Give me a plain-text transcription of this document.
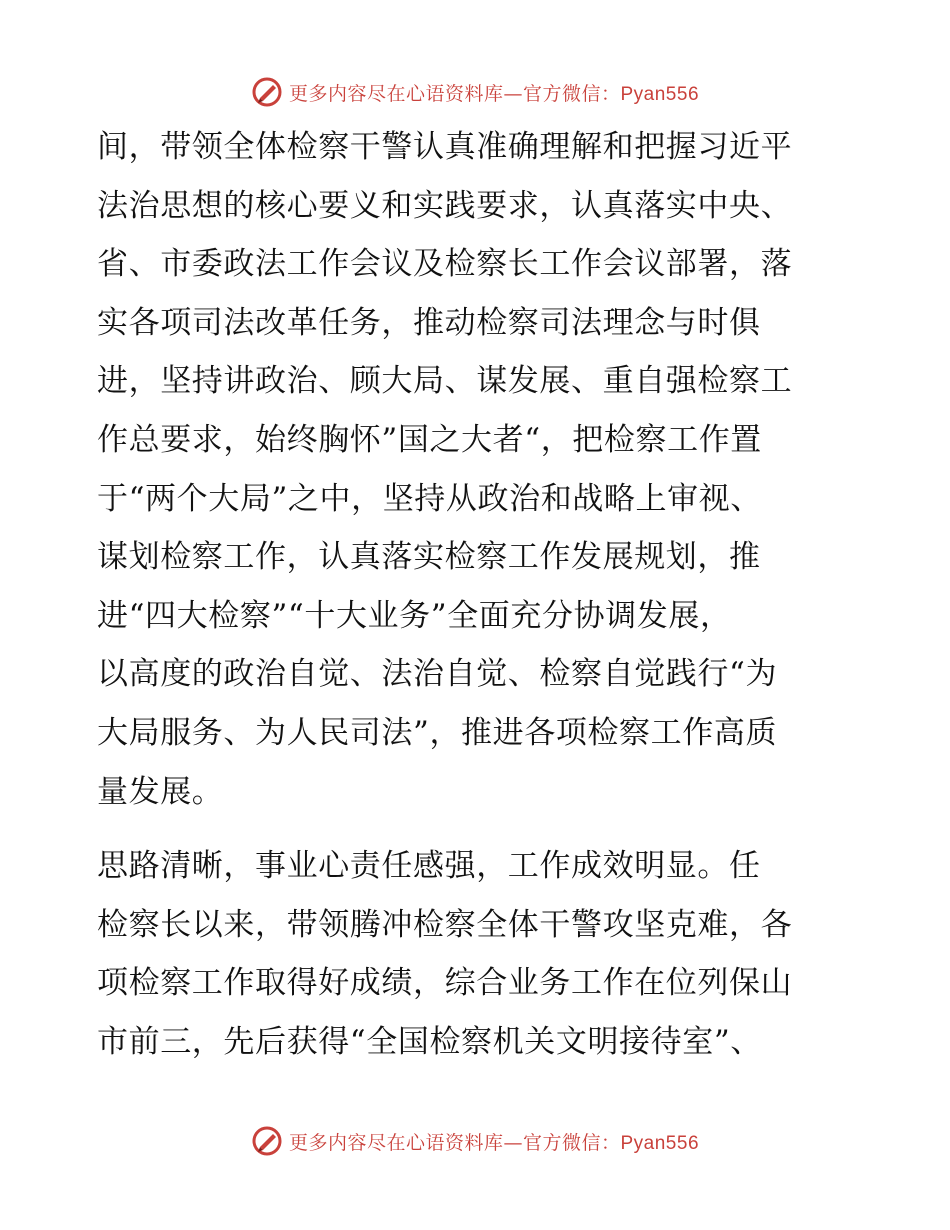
更多内容尽在心语资料库—官方微信：Pyan556
间，带领全体检察干警认真准确理解和把握习近平
法治思想的核心要义和实践要求，认真落实中央、
省、市委政法工作会议及检察长工作会议部署，落
实各项司法改革任务，推动检察司法理念与时俱
进，坚持讲政治、顾大局、谋发展、重自强检察工
作总要求，始终胸怀”国之大者“，把检察工作置
于“两个大局”之中，坚持从政治和战略上审视、
谋划检察工作，认真落实检察工作发展规划，推
进“四大检察”“十大业务”全面充分协调发展，
以高度的政治自觉、法治自觉、检察自觉践行“为
大局服务、为人民司法”，推进各项检察工作高质
量发展。
思路清晰，事业心责任感强，工作成效明显。任
检察长以来，带领腾冲检察全体干警攻坚克难，各
项检察工作取得好成绩，综合业务工作在位列保山
市前三，先后获得“全国检察机关文明接待室”、
更多内容尽在心语资料库—官方微信：Pyan556
